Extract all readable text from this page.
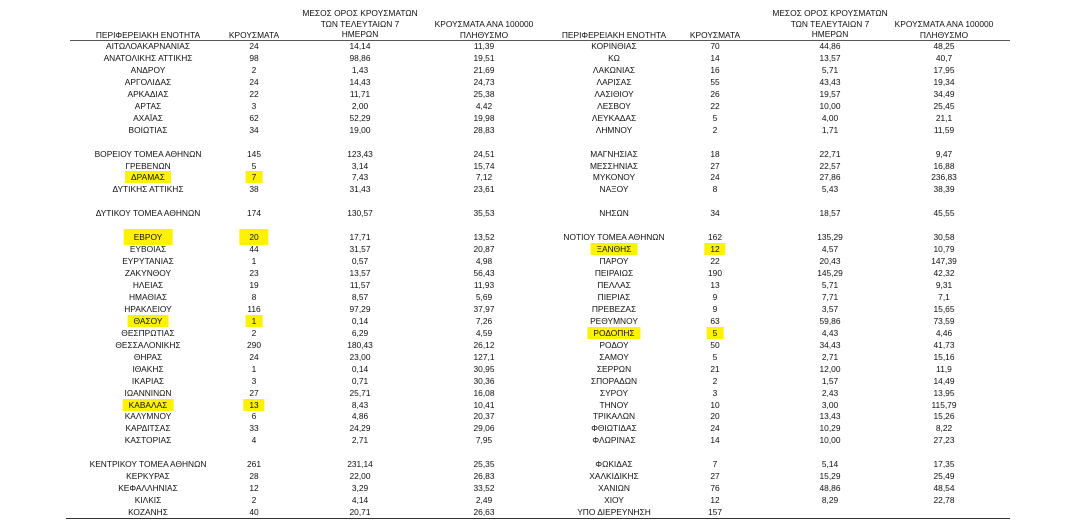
ΠΕΡΙΦΕΡΕΙΑΚΗ ΕΝΟΤΗΤΑ	ΚΡΟΥΣΜΑΤΑ
ΜΕΣΟΣ ΟΡΟΣ ΚΡΟΥΣΜΑΤΩΝ
ΤΩΝ ΤΕΛΕΥΤΑΙΩΝ 7
ΗΜΕΡΩΝ
ΚΡΟΥΣΜΑΤΑ ΑΝΑ 100000
ΠΛΗΘΥΣΜΟ	ΠΕΡΙΦΕΡΕΙΑΚΗ ΕΝΟΤΗΤΑ	ΚΡΟΥΣΜΑΤΑ
ΜΕΣΟΣ ΟΡΟΣ ΚΡΟΥΣΜΑΤΩΝ
ΤΩΝ ΤΕΛΕΥΤΑΙΩΝ 7
ΗΜΕΡΩΝ
ΚΡΟΥΣΜΑΤΑ ΑΝΑ 100000
ΠΛΗΘΥΣΜΟ
ΑΙΤΩΛΟΑΚΑΡΝΑΝΙΑΣ	24	14,14	11,39
ΑΝΑΤΟΛΙΚΗΣ ΑΤΤΙΚΗΣ	98	98,86	19,51
ΑΝΔΡΟΥ	2	1,43	21,69
ΑΡΓΟΛΙΔΑΣ	24	14,43	24,73
ΑΡΚΑΔΙΑΣ	22	11,71	25,38
ΑΡΤΑΣ	3	2,00	4,42
ΑΧΑΪΑΣ	62	52,29	19,98
ΒΟΙΩΤΙΑΣ	34	19,00	28,83
ΒΟΡΕΙΟΥ ΤΟΜΕΑ ΑΘΗΝΩΝ	145	123,43	24,51
ΓΡΕΒΕΝΩΝ	5	3,14	15,74
ΔΡΑΜΑΣ	7	7,43	7,12
ΔΥΤΙΚΗΣ ΑΤΤΙΚΗΣ	38	31,43	23,61
ΔΥΤΙΚΟΥ ΤΟΜΕΑ ΑΘΗΝΩΝ	174	130,57	35,53
ΕΒΡΟΥ	20	17,71	13,52
ΕΥΒΟΙΑΣ	44	31,57	20,87
ΕΥΡΥΤΑΝΙΑΣ	1	0,57	4,98
ΖΑΚΥΝΘΟΥ	23	13,57	56,43
ΗΛΕΙΑΣ	19	11,57	11,93
ΗΜΑΘΙΑΣ	8	8,57	5,69
ΗΡΑΚΛΕΙΟΥ	116	97,29	37,97
ΘΑΣΟΥ	1	0,14	7,26
ΘΕΣΠΡΩΤΙΑΣ	2	6,29	4,59
ΘΕΣΣΑΛΟΝΙΚΗΣ	290	180,43	26,12
ΘΗΡΑΣ	24	23,00	127,1
ΙΘΑΚΗΣ	1	0,14	30,95
ΙΚΑΡΙΑΣ	3	0,71	30,36
ΙΩΑΝΝΙΝΩΝ	27	25,71	16,08
ΚΑΒΑΛΑΣ	13	8,43	10,41
ΚΑΛΥΜΝΟΥ	6	4,86	20,37
ΚΑΡΔΙΤΣΑΣ	33	24,29	29,06
ΚΑΣΤΟΡΙΑΣ	4	2,71	7,95
ΚΕΝΤΡΙΚΟΥ ΤΟΜΕΑ ΑΘΗΝΩΝ	261	231,14	25,35
ΚΕΡΚΥΡΑΣ	28	22,00	26,83
ΚΕΦΑΛΛΗΝΙΑΣ	12	3,29	33,52
ΚΙΛΚΙΣ	2	4,14	2,49
ΚΟΖΑΝΗΣ	40	20,71	26,63
ΚΟΡΙΝΘΙΑΣ	70	44,86	48,25
ΚΩ	14	13,57	40,7
ΛΑΚΩΝΙΑΣ	16	5,71	17,95
ΛΑΡΙΣΑΣ	55	43,43	19,34
ΛΑΣΙΘΙΟΥ	26	19,57	34,49
ΛΕΣΒΟΥ	22	10,00	25,45
ΛΕΥΚΑΔΑΣ	5	4,00	21,1
ΛΗΜΝΟΥ	2	1,71	11,59
ΜΑΓΝΗΣΙΑΣ	18	22,71	9,47
ΜΕΣΣΗΝΙΑΣ	27	22,57	16,88
ΜΥΚΟΝΟΥ	24	27,86	236,83
ΝΑΞΟΥ	8	5,43	38,39
ΝΗΣΩΝ	34	18,57	45,55
ΝΟΤΙΟΥ ΤΟΜΕΑ ΑΘΗΝΩΝ	162	135,29	30,58
ΞΑΝΘΗΣ	12	4,57	10,79
ΠΑΡΟΥ	22	20,43	147,39
ΠΕΙΡΑΙΩΣ	190	145,29	42,32
ΠΕΛΛΑΣ	13	5,71	9,31
ΠΙΕΡΙΑΣ	9	7,71	7,1
ΠΡΕΒΕΖΑΣ	9	3,57	15,65
ΡΕΘΥΜΝΟΥ	63	59,86	73,59
ΡΟΔΟΠΗΣ	5	4,43	4,46
ΡΟΔΟΥ	50	34,43	41,73
ΣΑΜΟΥ	5	2,71	15,16
ΣΕΡΡΩΝ	21	12,00	11,9
ΣΠΟΡΑΔΩΝ	2	1,57	14,49
ΣΥΡΟΥ	3	2,43	13,95
ΤΗΝΟΥ	10	3,00	115,79
ΤΡΙΚΑΛΩΝ	20	13,43	15,26
ΦΘΙΩΤΙΔΑΣ	24	10,29	8,22
ΦΛΩΡΙΝΑΣ	14	10,00	27,23
ΦΩΚΙΔΑΣ	7	5,14	17,35
ΧΑΛΚΙΔΙΚΗΣ	27	15,29	25,49
ΧΑΝΙΩΝ	76	48,86	48,54
ΧΙΟΥ	12	8,29	22,78
ΥΠΟ ΔΙΕΡΕΥΝΗΣΗ	157
